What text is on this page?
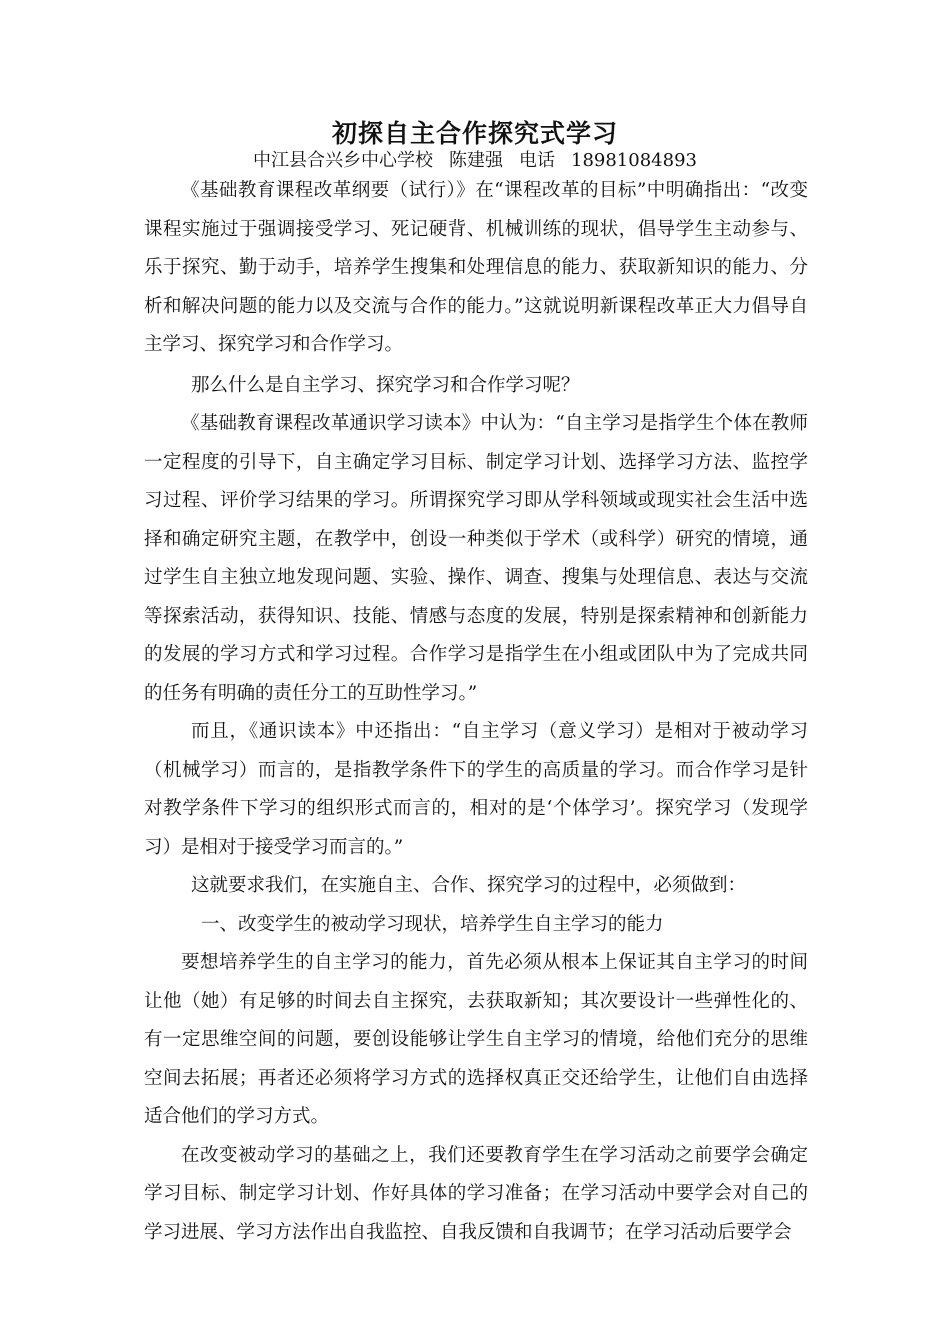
初探自主合作探究式学习
中江县合兴乡中心学校 陈建强 电话 18981084893

《基础教育课程改革纲要（试行）》在“课程改革的目标”中明确指出：“改变课程实施过于强调接受学习、死记硬背、机械训练的现状，倡导学生主动参与、乐于探究、勤于动手，培养学生搜集和处理信息的能力、获取新知识的能力、分析和解决问题的能力以及交流与合作的能力。”这就说明新课程改革正大力倡导自主学习、探究学习和合作学习。

那么什么是自主学习、探究学习和合作学习呢？

《基础教育课程改革通识学习读本》中认为：“自主学习是指学生个体在教师一定程度的引导下，自主确定学习目标、制定学习计划、选择学习方法、监控学习过程、评价学习结果的学习。所谓探究学习即从学科领域或现实社会生活中选择和确定研究主题，在教学中，创设一种类似于学术（或科学）研究的情境，通过学生自主独立地发现问题、实验、操作、调查、搜集与处理信息、表达与交流等探索活动，获得知识、技能、情感与态度的发展，特别是探索精神和创新能力的发展的学习方式和学习过程。合作学习是指学生在小组或团队中为了完成共同的任务有明确的责任分工的互助性学习。”

而且，《通识读本》中还指出：“自主学习（意义学习）是相对于被动学习（机械学习）而言的，是指教学条件下的学生的高质量的学习。而合作学习是针对教学条件下学习的组织形式而言的，相对的是‘个体学习’。探究学习（发现学习）是相对于接受学习而言的。”

这就要求我们，在实施自主、合作、探究学习的过程中，必须做到：

一、改变学生的被动学习现状，培养学生自主学习的能力

要想培养学生的自主学习的能力，首先必须从根本上保证其自主学习的时间让他（她）有足够的时间去自主探究，去获取新知；其次要设计一些弹性化的、有一定思维空间的问题，要创设能够让学生自主学习的情境，给他们充分的思维空间去拓展；再者还必须将学习方式的选择权真正交还给学生，让他们自由选择适合他们的学习方式。

在改变被动学习的基础之上，我们还要教育学生在学习活动之前要学会确定学习目标、制定学习计划、作好具体的学习准备；在学习活动中要学会对自己的学习进展、学习方法作出自我监控、自我反馈和自我调节；在学习活动后要学会
